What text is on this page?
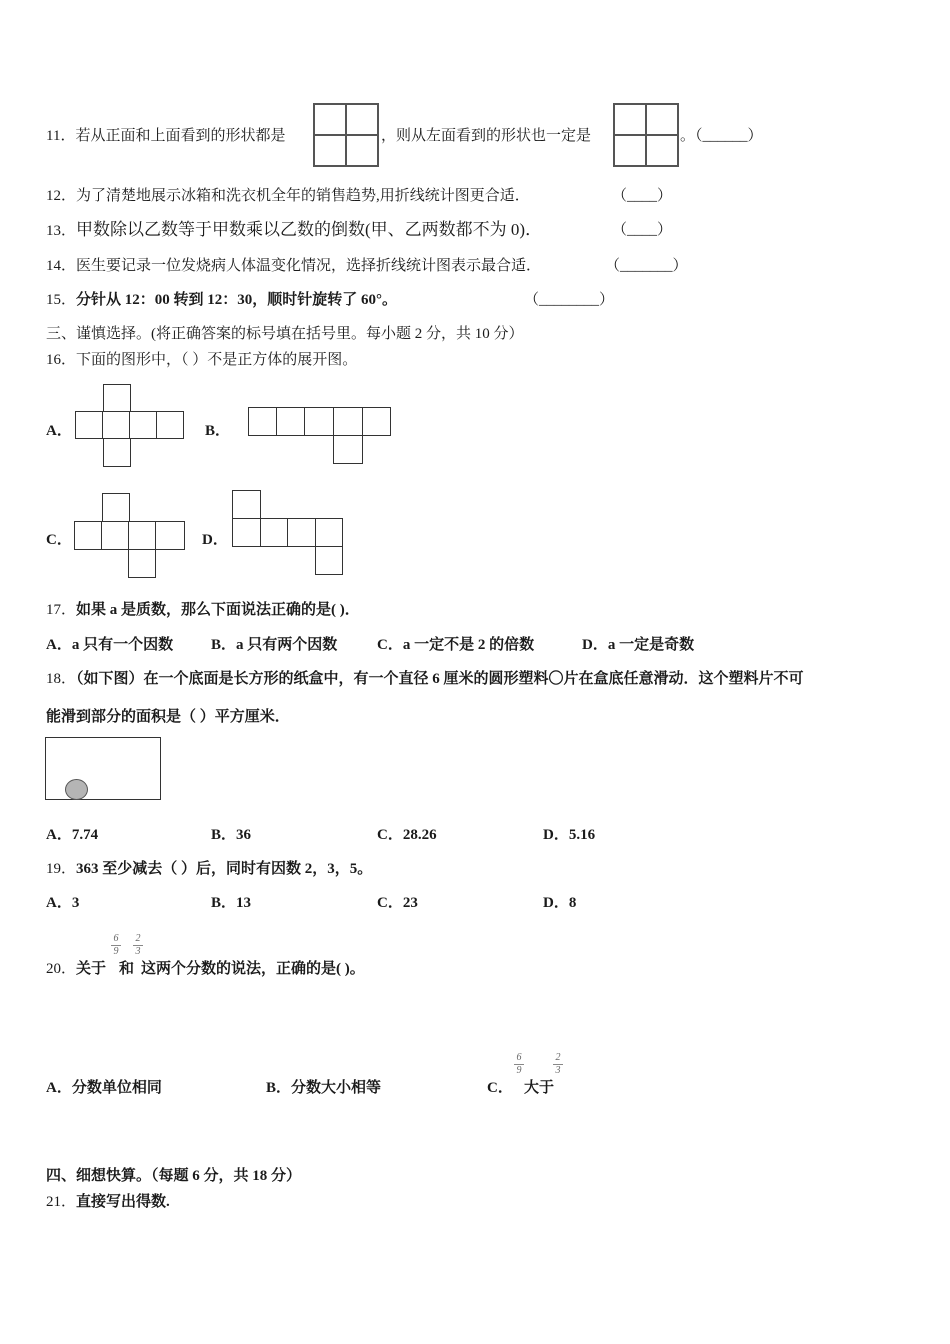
11．若从正面和上面看到的形状都是	，则从左面看到的形状也一定是	。（______）
12．为了清楚地展示冰箱和洗衣机全年的销售趋势,用折线统计图更合适．	（____）
13．甲数除以乙数等于甲数乘以乙数的倒数(甲、乙两数都不为 0)．	（____）
14．医生要记录一位发烧病人体温变化情况，选择折线统计图表示最合适．	（_______）
15．分针从 12：00 转到 12：30，顺时针旋转了 60°。	（________）
三、谨慎选择。(将正确答案的标号填在括号里。每小题 2 分，共 10 分）
16．下面的图形中，（ ）不是正方体的展开图。
A．	B．
C．	D．
17．如果 a 是质数，那么下面说法正确的是( )．
A．a 只有一个因数	B．a 只有两个因数	C．a 一定不是 2 的倍数	D．a 一定是奇数
18．（如下图）在一个底面是长方形的纸盒中，有一个直径 6 厘米的圆形塑料〇片在盒底任意滑动．这个塑料片不可
能滑到部分的面积是（ ）平方厘米．
A．7.74	B．36	C．28.26	D．5.16
19．363 至少减去（ ）后，同时有因数 2，3，5。
A．3	B．13	C．23	D．8
20．关于
6
9
和
2
3
这两个分数的说法，正确的是( )。
A．分数单位相同	B．分数大小相等	C．
6
9
大于
2
3
四、细想快算。（每题 6 分，共 18 分）
21．直接写出得数.
